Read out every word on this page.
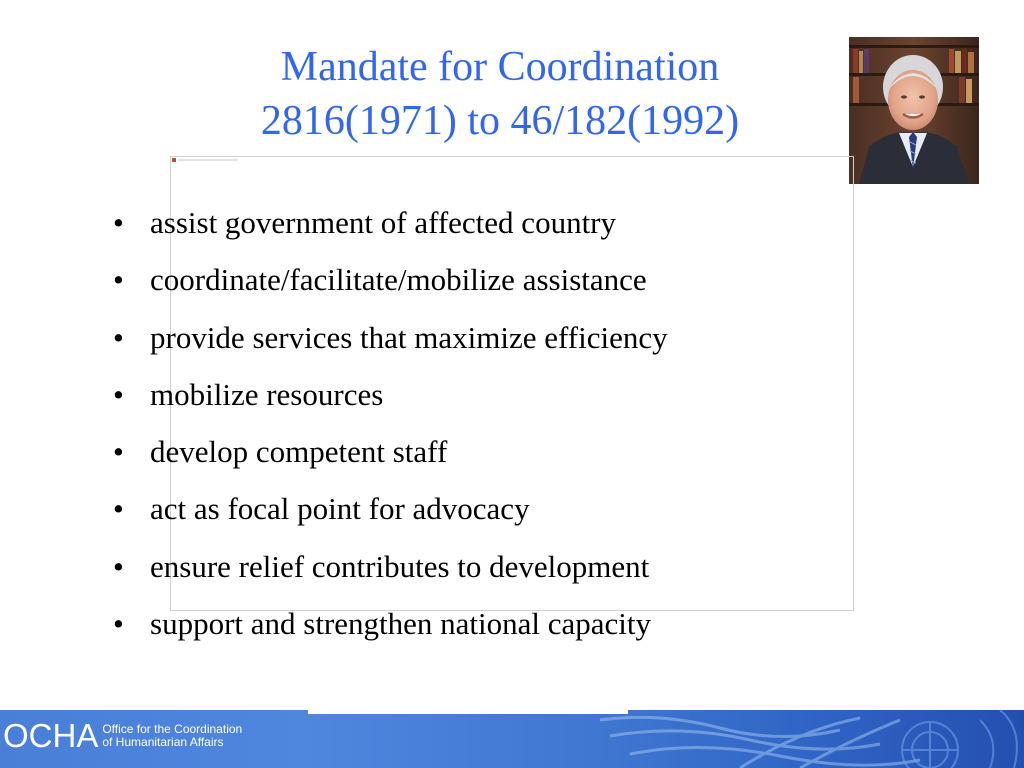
Mandate for Coordination
2816(1971) to 46/182(1992)
• assist government of affected country
• coordinate/facilitate/mobilize assistance
• provide services that maximize efficiency
• mobilize resources
• develop competent staff
• act as focal point for advocacy
• ensure relief contributes to development
• support and strengthen national capacity
OCHA Office for the Coordination
of Humanitarian Affairs
